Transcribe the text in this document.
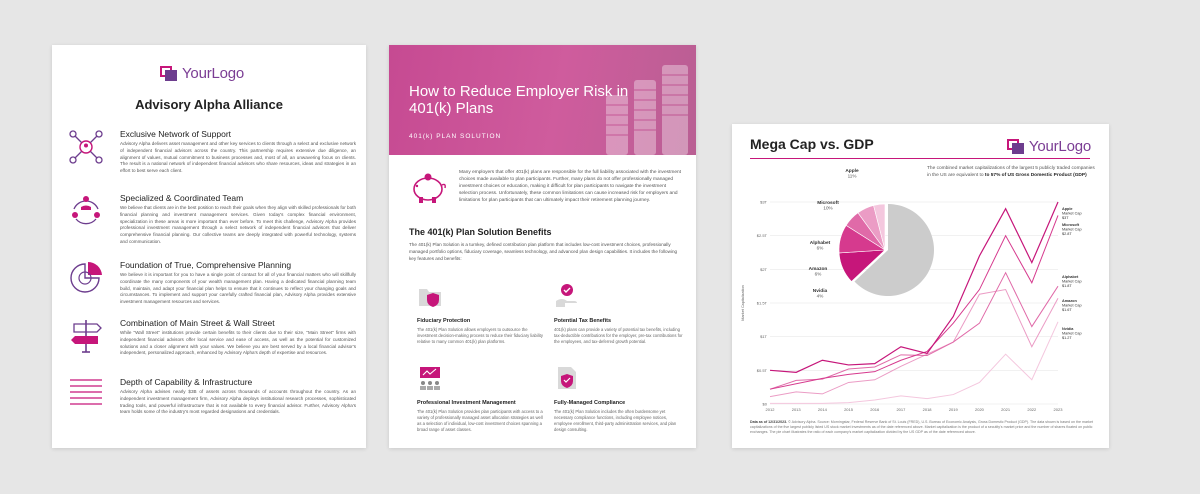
YourLogo
Advisory Alpha Alliance
Exclusive Network of Support
Advisory Alpha delivers asset management and other key services to clients through a select and exclusive network of independent financial advisors across the country. This partnership requires extensive due diligence, an alignment of values, mutual commitment to business processes and, most of all, an unwavering focus on clients. The result is a national network of independent financial advisors who share resources, ideas and strategies in an effort to best serve each client.
Specialized & Coordinated Team
We believe that clients are in the best position to reach their goals when they align with skilled professionals for both financial planning and investment management services. Given today's complex financial environment, specialization in these areas is more important than ever before. To meet this challenge, Advisory Alpha provides professional investment management through a select network of independent financial advisors that deliver comprehensive financial planning. Our collective teams are deeply integrated with powerful technology, systems and communication.
Foundation of True, Comprehensive Planning
We believe it is important for you to have a single point of contact for all of your financial matters who will skillfully coordinate the many components of your wealth management plan. Having a dedicated financial planning team build, maintain, and adapt your financial plan helps to ensure that it continues to reflect your changing goals and circumstances. To implement and support your carefully crafted financial plan, Advisory Alpha provides extensive investment management resources and services.
Combination of Main Street & Wall Street
While "Wall Street" institutions provide certain benefits to their clients due to their size, "Main Street" firms with independent financial advisors offer local service and ease of access, as well as the potential for customized solutions and a closer alignment with your values. We believe you are best served by a local financial advisor's independent, personalized approach, enhanced by Advisory Alpha's depth of expertise and resources.
Depth of Capability & Infrastructure
Advisory Alpha advises nearly $3B of assets across thousands of accounts throughout the country. As an independent investment management firm, Advisory Alpha deploys institutional research processes, sophisticated trading tools, and powerful infrastructure that is not available to every financial advisor. Further, Advisory Alpha's team holds some of the industry's most regarded designations and credentials.
How to Reduce Employer Risk in 401(k) Plans
401(k) PLAN SOLUTION
Many employers that offer 401(k) plans are responsible for the full liability associated with the investment choices made available to plan participants. Further, many plans do not offer professionally managed investment choices or education, making it difficult for plan participants to navigate the investment selection process. Unfortunately, these common limitations can cause increased risk for employers and limitations for plan participants that can ultimately impact their retirement planning journey.
The 401(k) Plan Solution Benefits
The 401(k) Plan Solution is a turnkey, defined contribution plan platform that includes low-cost investment choices, professionally managed portfolio options, fiduciary coverage, seamless technology, and advanced plan design capabilities. It includes the following key features and benefits:
Fiduciary Protection
The 401(k) Plan Solution allows employers to outsource the investment decision-making process to reduce their fiduciary liability relative to many common 401(k) plan platforms.
Potential Tax Benefits
401(k) plans can provide a variety of potential tax benefits, including tax-deductible contributions for the employer, pre-tax contributions for the employees, and tax-deferred growth potential.
Professional Investment Management
The 401(k) Plan Solution provides plan participants with access to a variety of professionally managed asset allocation strategies as well as a selection of individual, low-cost investment choices spanning a broad range of asset classes.
Fully-Managed Compliance
The 401(k) Plan Solution includes the often burdensome yet necessary compliance functions, including employee notices, employee enrollment, third-party administration services, and plan design consulting.
$0
$0.5T
$1T
$1.5T
$2T
$2.5T
$3T
2012	2013	2014	2015	2016	2017	2018	2019	2020	2021	2022	2023
Market Capitalization
Apple Market Cap $3T
Microsoft Market Cap $2.8T
Alphabet Market Cap $1.8T
Amazon Market Cap $1.6T
Nvidia Market Cap $1.2T
Apple
11%
Microsoft
10%
Alphabet
6%
Amazon
6%
Nvidia
4%
Mega Cap vs. GDP	YourLogo
The combined market capitalizations of the largest 5 publicly traded companies in the US are equivalent to to 57% of US Gross Domestic Product (GDP)
Data as of 12/31/2023. © Advisory Alpha. Source: Morningstar, Federal Reserve Bank of St. Louis (FRED), U.S. Bureau of Economic Analysis, Gross Domestic Product (GDP). The data shown is based on the market capitalizations of the five largest publicly listed US stock market investments as of the date referenced above. Market capitalization is the product of a secutity's market price and the number of shares floated on public exchanges. The pie chart illustrates the ratio of each company's market capitalization divided by the US GDP as of the date referenced above.
